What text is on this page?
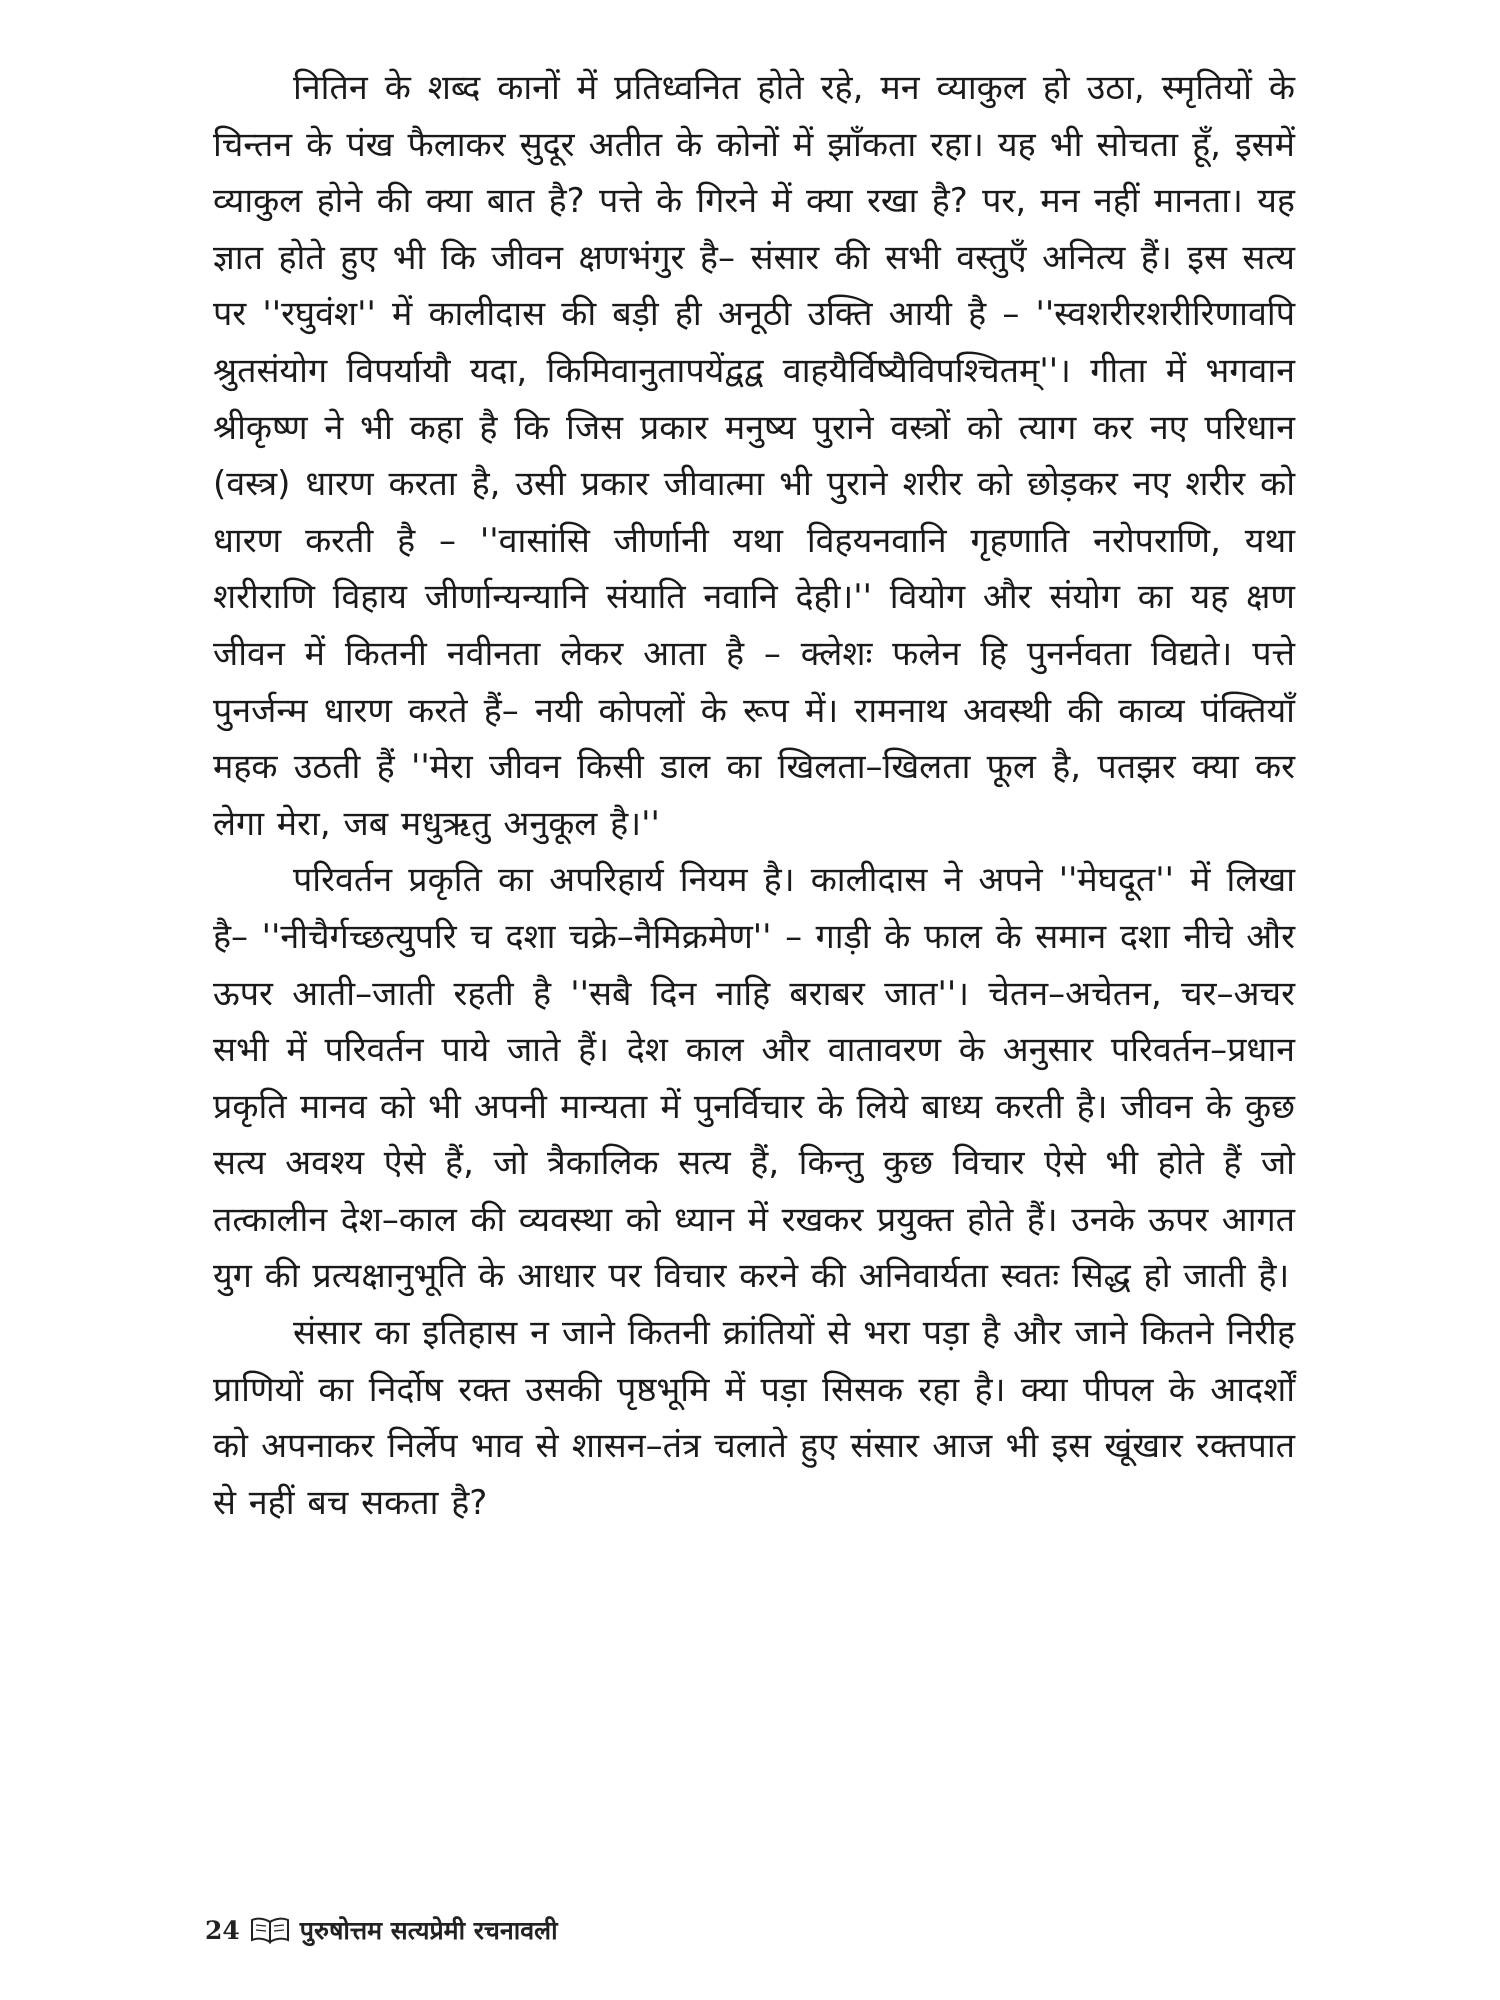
नितिन के शब्द कानों में प्रतिध्वनित होते रहे, मन व्याकुल हो उठा, स्मृतियों के चिन्तन के पंख फैलाकर सुदूर अतीत के कोनों में झाँकता रहा। यह भी सोचता हूँ, इसमें व्याकुल होने की क्या बात है? पत्ते के गिरने में क्या रखा है? पर, मन नहीं मानता। यह ज्ञात होते हुए भी कि जीवन क्षणभंगुर है– संसार की सभी वस्तुएँ अनित्य हैं। इस सत्य पर ''रघुवंश'' में कालीदास की बड़ी ही अनूठी उक्ति आयी है – ''स्वशरीरशरीरिणावपि श्रुतसंयोग विपर्यायौ यदा, किमिवानुतापयेंद्वद्व वाहयैर्विष्यैविपश्चितम्''। गीता में भगवान श्रीकृष्ण ने भी कहा है कि जिस प्रकार मनुष्य पुराने वस्त्रों को त्याग कर नए परिधान (वस्त्र) धारण करता है, उसी प्रकार जीवात्मा भी पुराने शरीर को छोड़कर नए शरीर को धारण करती है – ''वासांसि जीर्णानी यथा विहयनवानि गृहणाति नरोपराणि, यथा शरीराणि विहाय जीर्णान्यन्यानि संयाति नवानि देही।'' वियोग और संयोग का यह क्षण जीवन में कितनी नवीनता लेकर आता है – क्लेशः फलेन हि पुनर्नवता विद्यते। पत्ते पुनर्जन्म धारण करते हैं– नयी कोपलों के रूप में। रामनाथ अवस्थी की काव्य पंक्तियाँ महक उठती हैं ''मेरा जीवन किसी डाल का खिलता–खिलता फूल है, पतझर क्या कर लेगा मेरा, जब मधुऋतु अनुकूल है।''

परिवर्तन प्रकृति का अपरिहार्य नियम है। कालीदास ने अपने ''मेघदूत'' में लिखा है– ''नीचैर्गच्छत्युपरि च दशा चक्रे–नैमिक्रमेण'' – गाड़ी के फाल के समान दशा नीचे और ऊपर आती–जाती रहती है ''सबै दिन नाहि बराबर जात''। चेतन–अचेतन, चर–अचर सभी में परिवर्तन पाये जाते हैं। देश काल और वातावरण के अनुसार परिवर्तन–प्रधान प्रकृति मानव को भी अपनी मान्यता में पुनर्विचार के लिये बाध्य करती है। जीवन के कुछ सत्य अवश्य ऐसे हैं, जो त्रैकालिक सत्य हैं, किन्तु कुछ विचार ऐसे भी होते हैं जो तत्कालीन देश–काल की व्यवस्था को ध्यान में रखकर प्रयुक्त होते हैं। उनके ऊपर आगत युग की प्रत्यक्षानुभूति के आधार पर विचार करने की अनिवार्यता स्वतः सिद्ध हो जाती है।

संसार का इतिहास न जाने कितनी क्रांतियों से भरा पड़ा है और जाने कितने निरीह प्राणियों का निर्दोष रक्त उसकी पृष्ठभूमि में पड़ा सिसक रहा है। क्या पीपल के आदर्शों को अपनाकर निर्लेप भाव से शासन–तंत्र चलाते हुए संसार आज भी इस खूंखार रक्तपात से नहीं बच सकता है?

24 पुरुषोत्तम सत्यप्रेमी रचनावली
